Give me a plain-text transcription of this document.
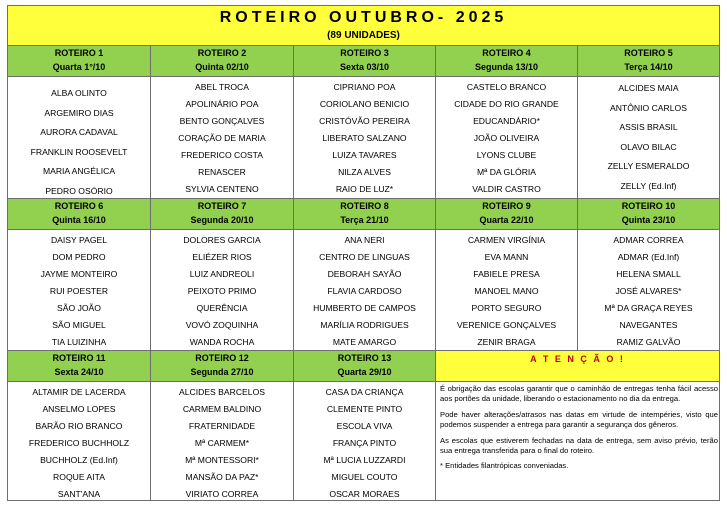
ROTEIRO OUTUBRO- 2025
(89 UNIDADES)
ROTEIRO 1
Quarta 1°/10
ALBA OLINTO
ARGEMIRO DIAS
AURORA CADAVAL
FRANKLIN ROOSEVELT
MARIA ANGÉLICA
PEDRO OSÓRIO
ROTEIRO 2
Quinta 02/10
ABEL TROCA
APOLINÁRIO POA
BENTO GONÇALVES
CORAÇÃO DE MARIA
FREDERICO COSTA
RENASCER
SYLVIA CENTENO
ROTEIRO 3
Sexta 03/10
CIPRIANO POA
CORIOLANO BENICIO
CRISTÓVÃO PEREIRA
LIBERATO SALZANO
LUIZA TAVARES
NILZA ALVES
RAIO DE LUZ*
ROTEIRO 4
Segunda 13/10
CASTELO BRANCO
CIDADE DO RIO GRANDE
EDUCANDÁRIO*
JOÃO OLIVEIRA
LYONS CLUBE
Mª DA GLÓRIA
VALDIR CASTRO
ROTEIRO 5
Terça 14/10
ALCIDES MAIA
ANTÔNIO CARLOS
ASSIS BRASIL
OLAVO BILAC
ZELLY ESMERALDO
ZELLY (Ed.Inf)
ROTEIRO 6
Quinta 16/10
DAISY PAGEL
DOM PEDRO
JAYME MONTEIRO
RUI POESTER
SÃO JOÃO
SÃO MIGUEL
TIA LUIZINHA
ROTEIRO 7
Segunda 20/10
DOLORES GARCIA
ELIÉZER RIOS
LUIZ ANDREOLI
PEIXOTO PRIMO
QUERÊNCIA
VOVÓ ZOQUINHA
WANDA ROCHA
ROTEIRO 8
Terça 21/10
ANA NERI
CENTRO DE LINGUAS
DEBORAH SAYÃO
FLAVIA CARDOSO
HUMBERTO DE CAMPOS
MARÍLIA RODRIGUES
MATE AMARGO
ROTEIRO 9
Quarta 22/10
CARMEN VIRGÍNIA
EVA MANN
FABIELE PRESA
MANOEL MANO
PORTO SEGURO
VERENICE GONÇALVES
ZENIR BRAGA
ROTEIRO 10
Quinta 23/10
ADMAR CORREA
ADMAR (Ed.Inf)
HELENA SMALL
JOSÉ ALVARES*
Mª DA GRAÇA REYES
NAVEGANTES
RAMIZ GALVÃO
ROTEIRO 11
Sexta 24/10
ALTAMIR DE LACERDA
ANSELMO LOPES
BARÃO RIO BRANCO
FREDERICO BUCHHOLZ
BUCHHOLZ (Ed.Inf)
ROQUE AITA
SANT'ANA
ROTEIRO 12
Segunda 27/10
ALCIDES BARCELOS
CARMEM BALDINO
FRATERNIDADE
Mª CARMEM*
Mª MONTESSORI*
MANSÃO DA PAZ*
VIRIATO CORREA
ROTEIRO 13
Quarta 29/10
CASA DA CRIANÇA
CLEMENTE PINTO
ESCOLA VIVA
FRANÇA PINTO
Mª LUCIA LUZZARDI
MIGUEL COUTO
OSCAR MORAES
A T E N Ç Ã O !

É obrigação das escolas garantir que o caminhão de entregas tenha fácil acesso aos portões da unidade, liberando o estacionamento no dia da entrega.

Pode haver alterações/atrasos nas datas em virtude de intempéries, visto que podemos suspender a entrega para garantir a segurança dos gêneros.

As escolas que estiverem fechadas na data de entrega, sem aviso prévio, terão sua entrega transferida para o final do roteiro.

* Entidades filantrópicas conveniadas.
